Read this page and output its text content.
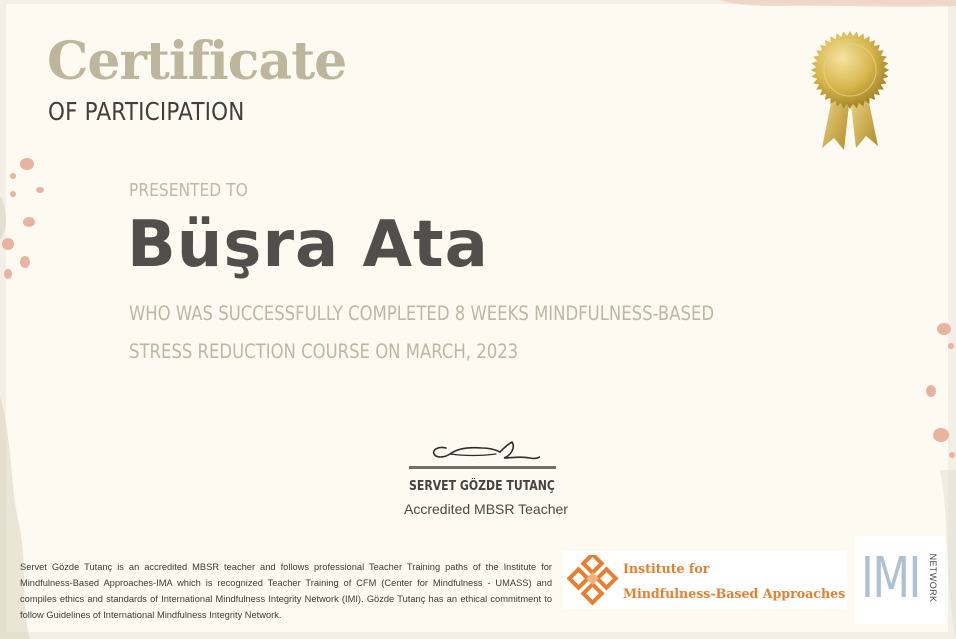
Certificate
OF PARTICIPATION
PRESENTED TO
Büşra Ata
WHO WAS SUCCESSFULLY COMPLETED 8 WEEKS MINDFULNESS-BASED
STRESS REDUCTION COURSE ON MARCH, 2023
SERVET GÖZDE TUTANÇ
Accredited MBSR Teacher

Servet Gözde Tutanç is an accredited MBSR teacher and follows professional Teacher Training paths of the Institute for Mindfulness-Based Approaches-IMA which is recognized Teacher Training of CFM (Center for Mindfulness - UMASS) and compiles ethics and standards of International Mindfulness Integrity Network (IMI). Gözde Tutanç has an ethical commitment to follow Guidelines of International Mindfulness Integrity Network.

Institute for
Mindfulness-Based Approaches IMI NETWORK
